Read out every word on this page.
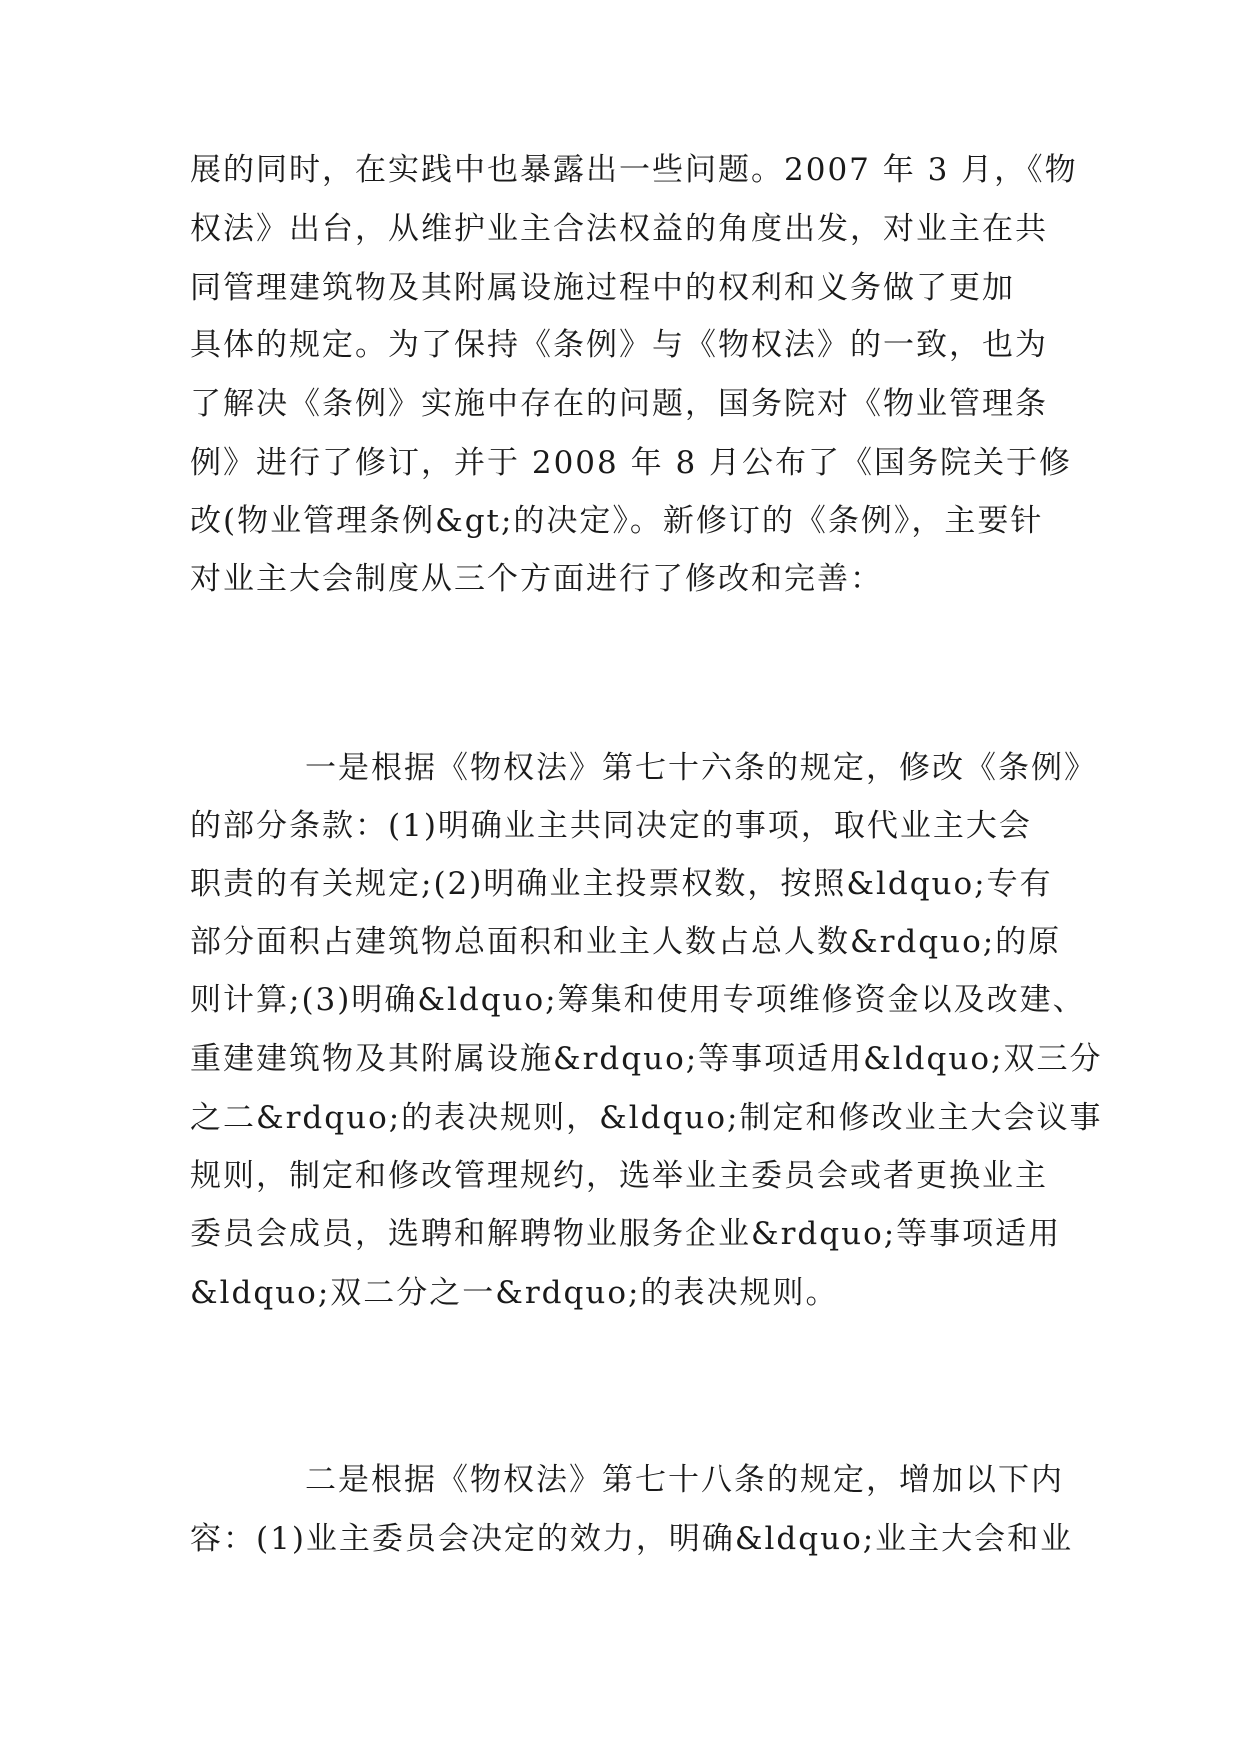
展的同时，在实践中也暴露出一些问题。2007 年 3 月，《物
权法》出台，从维护业主合法权益的角度出发，对业主在共
同管理建筑物及其附属设施过程中的权利和义务做了更加
具体的规定。为了保持《条例》与《物权法》的一致，也为
了解决《条例》实施中存在的问题，国务院对《物业管理条
例》进行了修订，并于 2008 年 8 月公布了《国务院关于修
改(物业管理条例&gt;的决定》。新修订的《条例》，主要针
对业主大会制度从三个方面进行了修改和完善：
一是根据《物权法》第七十六条的规定，修改《条例》
的部分条款：(1)明确业主共同决定的事项，取代业主大会
职责的有关规定;(2)明确业主投票权数，按照&ldquo;专有
部分面积占建筑物总面积和业主人数占总人数&rdquo;的原
则计算;(3)明确&ldquo;筹集和使用专项维修资金以及改建、
重建建筑物及其附属设施&rdquo;等事项适用&ldquo;双三分
之二&rdquo;的表决规则，&ldquo;制定和修改业主大会议事
规则，制定和修改管理规约，选举业主委员会或者更换业主
委员会成员，选聘和解聘物业服务企业&rdquo;等事项适用
&ldquo;双二分之一&rdquo;的表决规则。
二是根据《物权法》第七十八条的规定，增加以下内
容：(1)业主委员会决定的效力，明确&ldquo;业主大会和业
